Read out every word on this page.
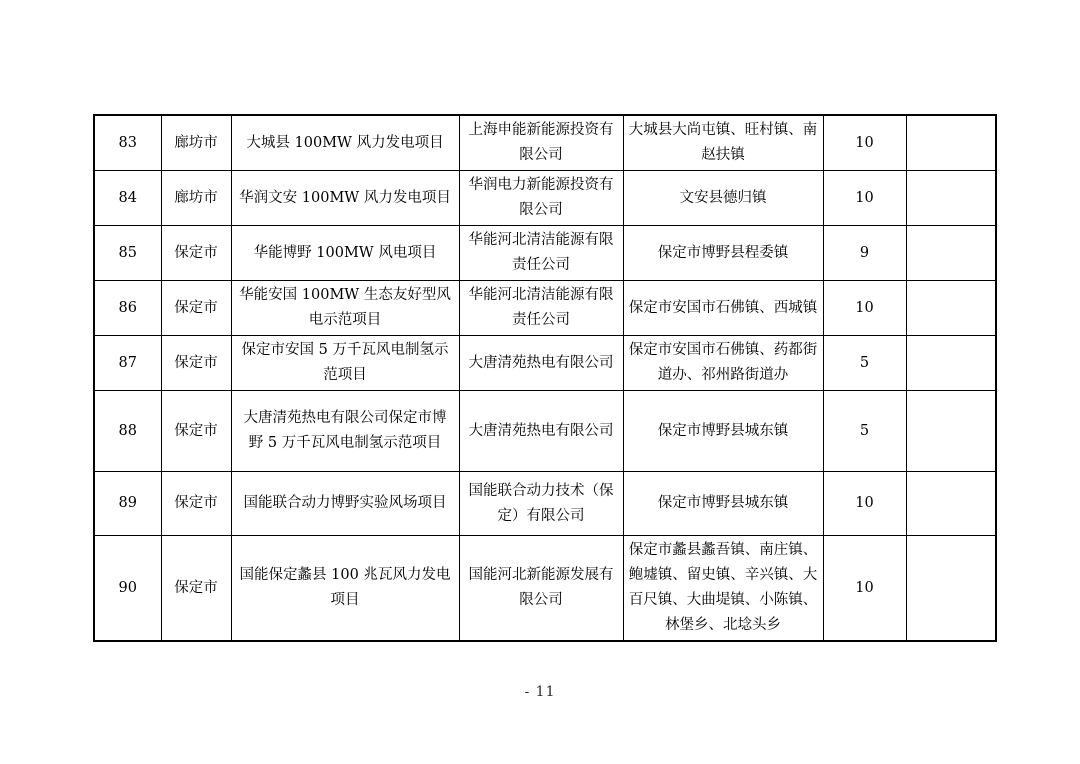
83	廊坊市	大城县 100MW 风力发电项目	上海申能新能源投资有限公司	大城县大尚屯镇、旺村镇、南赵扶镇	10	
84	廊坊市	华润文安 100MW 风力发电项目	华润电力新能源投资有限公司	文安县德归镇	10	
85	保定市	华能博野 100MW 风电项目	华能河北清洁能源有限责任公司	保定市博野县程委镇	9	
86	保定市	华能安国 100MW 生态友好型风电示范项目	华能河北清洁能源有限责任公司	保定市安国市石佛镇、西城镇	10	
87	保定市	保定市安国 5 万千瓦风电制氢示范项目	大唐清苑热电有限公司	保定市安国市石佛镇、药都街道办、祁州路街道办	5	
88	保定市	大唐清苑热电有限公司保定市博野 5 万千瓦风电制氢示范项目	大唐清苑热电有限公司	保定市博野县城东镇	5	
89	保定市	国能联合动力博野实验风场项目	国能联合动力技术（保定）有限公司	保定市博野县城东镇	10	
90	保定市	国能保定蠡县 100 兆瓦风力发电项目	国能河北新能源发展有限公司	保定市蠡县蠡吾镇、南庄镇、鲍墟镇、留史镇、辛兴镇、大百尺镇、大曲堤镇、小陈镇、林堡乡、北埝头乡	10	
- 11
